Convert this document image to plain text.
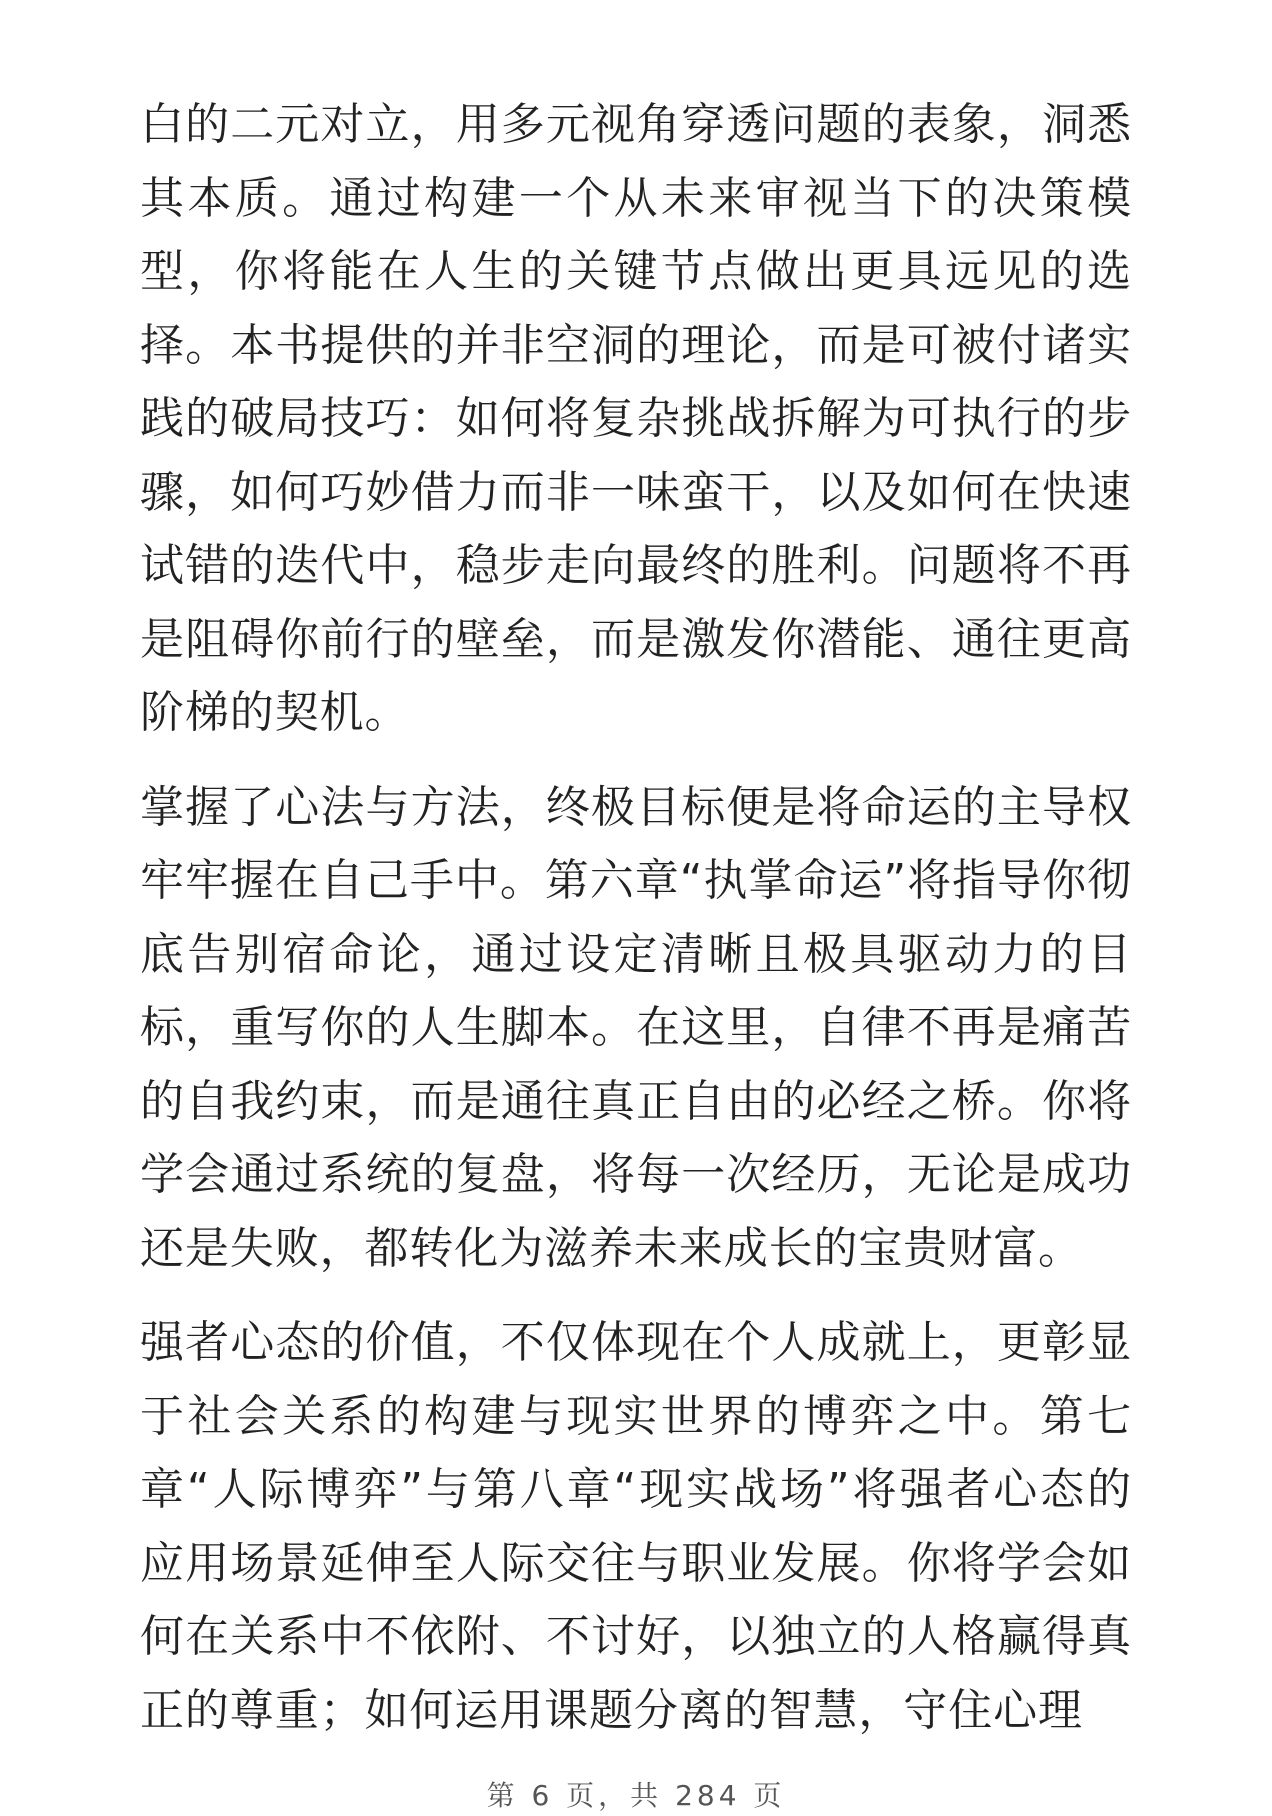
白的二元对立，用多元视角穿透问题的表象，洞悉其本质。通过构建一个从未来审视当下的决策模型，你将能在人生的关键节点做出更具远见的选择。本书提供的并非空洞的理论，而是可被付诸实践的破局技巧：如何将复杂挑战拆解为可执行的步骤，如何巧妙借力而非一味蛮干，以及如何在快速试错的迭代中，稳步走向最终的胜利。问题将不再是阻碍你前行的壁垒，而是激发你潜能、通往更高阶梯的契机。

掌握了心法与方法，终极目标便是将命运的主导权牢牢握在自己手中。第六章“执掌命运”将指导你彻底告别宿命论，通过设定清晰且极具驱动力的目标，重写你的人生脚本。在这里，自律不再是痛苦的自我约束，而是通往真正自由的必经之桥。你将学会通过系统的复盘，将每一次经历，无论是成功还是失败，都转化为滋养未来成长的宝贵财富。

强者心态的价值，不仅体现在个人成就上，更彰显于社会关系的构建与现实世界的博弈之中。第七章“人际博弈”与第八章“现实战场”将强者心态的应用场景延伸至人际交往与职业发展。你将学会如何在关系中不依附、不讨好，以独立的人格赢得真正的尊重；如何运用课题分离的智慧，守住心理

第 6 页，共 284 页
